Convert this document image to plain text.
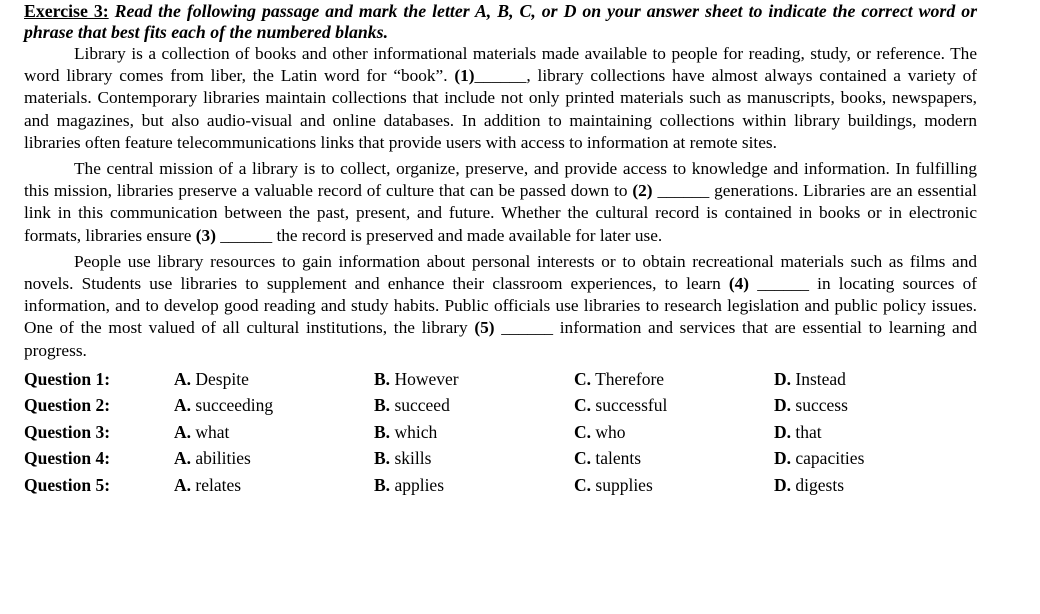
Exercise 3: Read the following passage and mark the letter A, B, C, or D on your answer sheet to indicate the correct word or phrase that best fits each of the numbered blanks.

Library is a collection of books and other informational materials made available to people for reading, study, or reference. The word library comes from liber, the Latin word for “book”. (1)______, library collections have almost always contained a variety of materials. Contemporary libraries maintain collections that include not only printed materials such as manuscripts, books, newspapers, and magazines, but also audio-visual and online databases. In addition to maintaining collections within library buildings, modern libraries often feature telecommunications links that provide users with access to information at remote sites.

The central mission of a library is to collect, organize, preserve, and provide access to knowledge and information. In fulfilling this mission, libraries preserve a valuable record of culture that can be passed down to (2) ______ generations. Libraries are an essential link in this communication between the past, present, and future. Whether the cultural record is contained in books or in electronic formats, libraries ensure (3) ______ the record is preserved and made available for later use.

People use library resources to gain information about personal interests or to obtain recreational materials such as films and novels. Students use libraries to supplement and enhance their classroom experiences, to learn (4) ______ in locating sources of information, and to develop good reading and study habits. Public officials use libraries to research legislation and public policy issues. One of the most valued of all cultural institutions, the library (5) ______ information and services that are essential to learning and progress.

Question 1:	A. Despite	B. However	C. Therefore	D. Instead
Question 2:	A. succeeding	B. succeed	C. successful	D. success
Question 3:	A. what	B. which	C. who	D. that
Question 4:	A. abilities	B. skills	C. talents	D. capacities
Question 5:	A. relates	B. applies	C. supplies	D. digests
